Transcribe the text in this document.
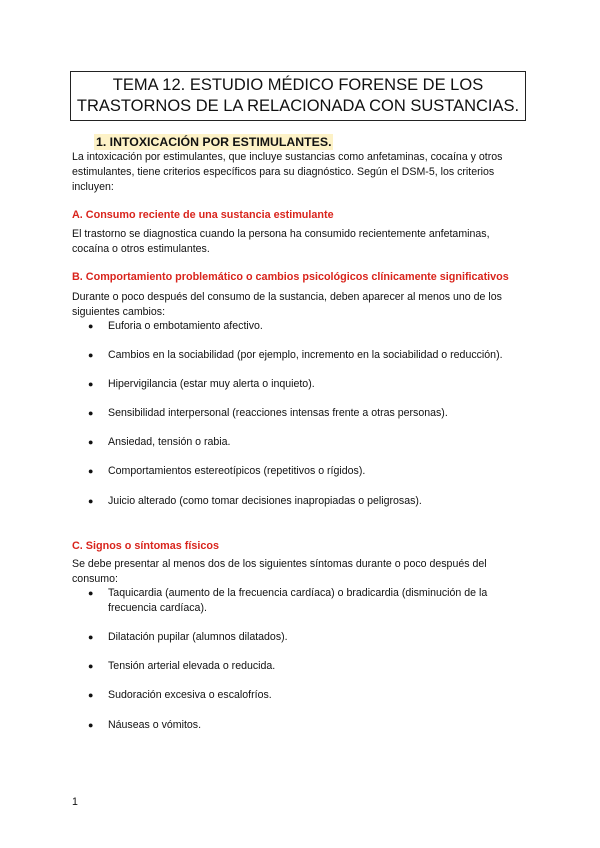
TEMA 12. ESTUDIO MÉDICO FORENSE DE LOS
TRASTORNOS DE LA RELACIONADA CON SUSTANCIAS.
1. INTOXICACIÓN POR ESTIMULANTES.
La intoxicación por estimulantes, que incluye sustancias como anfetaminas, cocaína y otros
estimulantes, tiene criterios específicos para su diagnóstico. Según el DSM-5, los criterios
incluyen:
A. Consumo reciente de una sustancia estimulante
El trastorno se diagnostica cuando la persona ha consumido recientemente anfetaminas,
cocaína o otros estimulantes.
B. Comportamiento problemático o cambios psicológicos clínicamente significativos
Durante o poco después del consumo de la sustancia, deben aparecer al menos uno de los
siguientes cambios:
● Euforia o embotamiento afectivo.
● Cambios en la sociabilidad (por ejemplo, incremento en la sociabilidad o reducción).
● Hipervigilancia (estar muy alerta o inquieto).
● Sensibilidad interpersonal (reacciones intensas frente a otras personas).
● Ansiedad, tensión o rabia.
● Comportamientos estereotípicos (repetitivos o rígidos).
● Juicio alterado (como tomar decisiones inapropiadas o peligrosas).
C. Signos o síntomas físicos
Se debe presentar al menos dos de los siguientes síntomas durante o poco después del
consumo:
● Taquicardia (aumento de la frecuencia cardíaca) o bradicardia (disminución de la
frecuencia cardíaca).
● Dilatación pupilar (alumnos dilatados).
● Tensión arterial elevada o reducida.
● Sudoración excesiva o escalofríos.
● Náuseas o vómitos.
1
